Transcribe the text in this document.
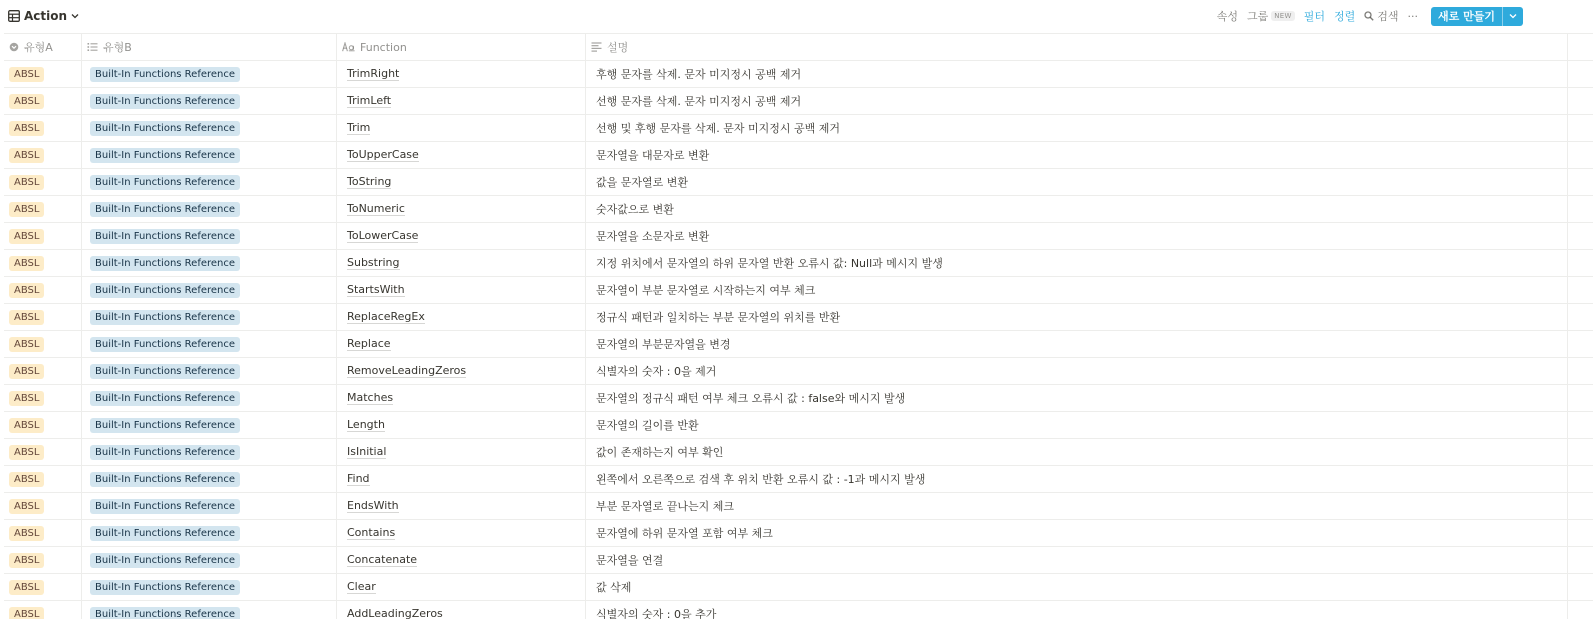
Action	속성 그룹 NEW 필터 정렬 검색 ···	새로 만들기
유형A	유형B	Function	설명
ABSL	Built-In Functions Reference	TrimRight	후행 문자를 삭제. 문자 미지정시 공백 제거
ABSL	Built-In Functions Reference	TrimLeft	선행 문자를 삭제. 문자 미지정시 공백 제거
ABSL	Built-In Functions Reference	Trim	선행 및 후행 문자를 삭제. 문자 미지정시 공백 제거
ABSL	Built-In Functions Reference	ToUpperCase	문자열을 대문자로 변환
ABSL	Built-In Functions Reference	ToString	값을 문자열로 변환
ABSL	Built-In Functions Reference	ToNumeric	숫자값으로 변환
ABSL	Built-In Functions Reference	ToLowerCase	문자열을 소문자로 변환
ABSL	Built-In Functions Reference	Substring	지정 위치에서 문자열의 하위 문자열 반환 오류시 값: Null과 메시지 발생
ABSL	Built-In Functions Reference	StartsWith	문자열이 부분 문자열로 시작하는지 여부 체크
ABSL	Built-In Functions Reference	ReplaceRegEx	정규식 패턴과 일치하는 부분 문자열의 위치를 반환
ABSL	Built-In Functions Reference	Replace	문자열의 부분문자열을 변경
ABSL	Built-In Functions Reference	RemoveLeadingZeros	식별자의 숫자 : 0을 제거
ABSL	Built-In Functions Reference	Matches	문자열의 정규식 패턴 여부 체크 오류시 값 : false와 메시지 발생
ABSL	Built-In Functions Reference	Length	문자열의 길이를 반환
ABSL	Built-In Functions Reference	IsInitial	값이 존재하는지 여부 확인
ABSL	Built-In Functions Reference	Find	왼쪽에서 오른쪽으로 검색 후 위치 반환 오류시 값 : -1과 메시지 발생
ABSL	Built-In Functions Reference	EndsWith	부분 문자열로 끝나는지 체크
ABSL	Built-In Functions Reference	Contains	문자열에 하위 문자열 포함 여부 체크
ABSL	Built-In Functions Reference	Concatenate	문자열을 연결
ABSL	Built-In Functions Reference	Clear	값 삭제
ABSL	Built-In Functions Reference	AddLeadingZeros	식별자의 숫자 : 0을 추가
